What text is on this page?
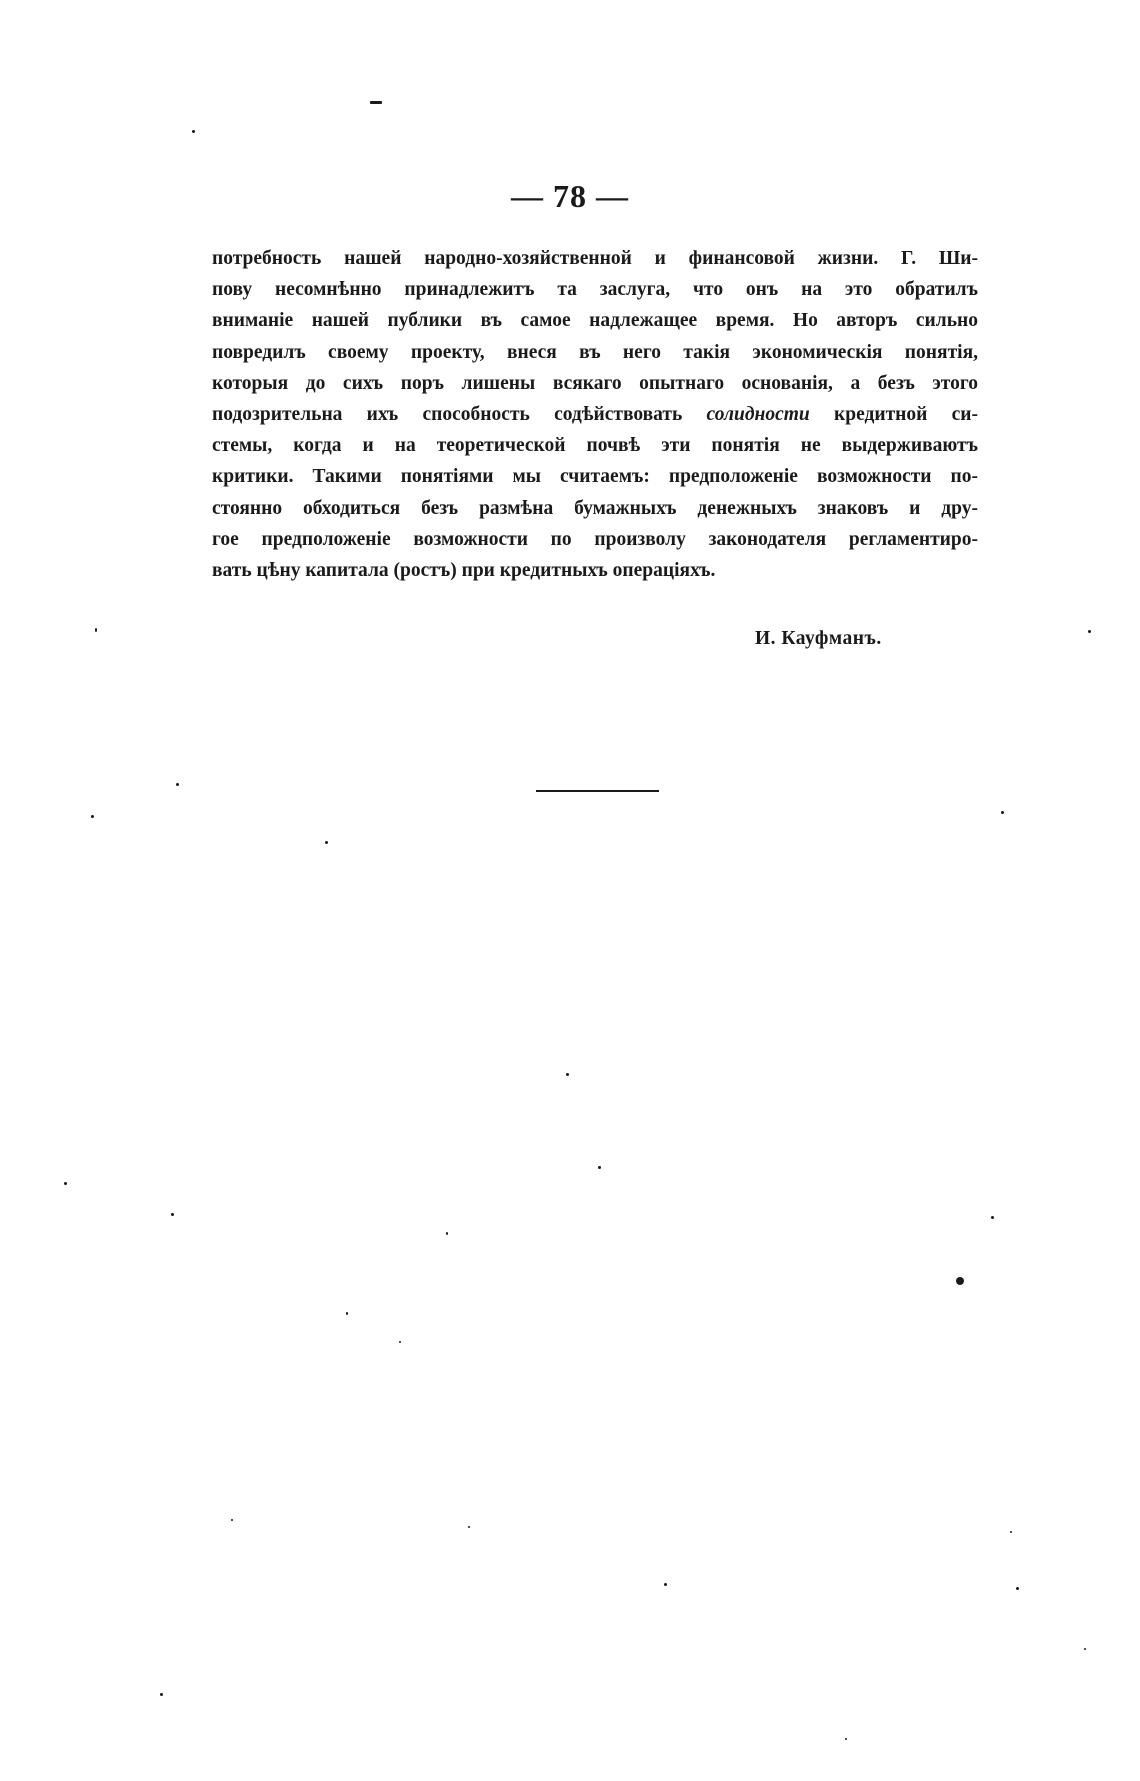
— 78 —
потребность нашей народно-хозяйственной и финансовой жизни. Г. Ши-
пову несомнѣнно принадлежитъ та заслуга, что онъ на это обратилъ
вниманіе нашей публики въ самое надлежащее время. Но авторъ сильно
повредилъ своему проекту, внеся въ него такія экономическія понятія,
которыя до сихъ поръ лишены всякаго опытнаго основанія, а безъ этого
подозрительна ихъ способность содѣйствовать солидности кредитной си-
стемы, когда и на теоретической почвѣ эти понятія не выдерживаютъ
критики. Такими понятіями мы считаемъ: предположеніе возможности по-
стоянно обходиться безъ размѣна бумажныхъ денежныхъ знаковъ и дру-
гое предположеніе возможности по произволу законодателя регламентиро-
вать цѣну капитала (ростъ) при кредитныхъ операціяхъ.
И. Кауфманъ.
